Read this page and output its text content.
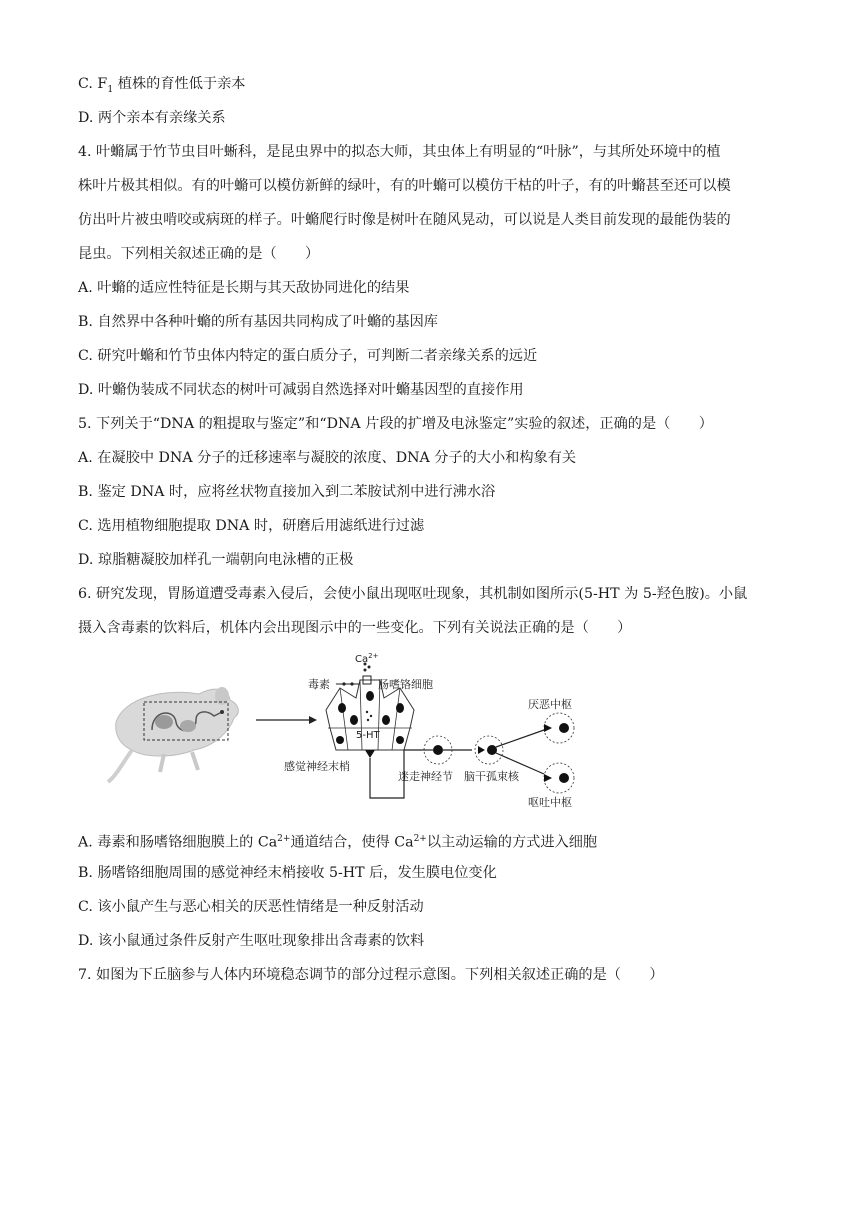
C. $F_1$ 植株的育性低于亲本
D. 两个亲本有亲缘关系
4. 叶䗛属于竹节虫目叶蜥科，是昆虫界中的拟态大师，其虫体上有明显的“叶脉”，与其所处环境中的植
株叶片极其相似。有的叶䗛可以模仿新鲜的绿叶，有的叶䗛可以模仿干枯的叶子，有的叶䗛甚至还可以模
仿出叶片被虫啃咬或病斑的样子。叶䗛爬行时像是树叶在随风晃动，可以说是人类目前发现的最能伪装的
昆虫。下列相关叙述正确的是（　　）
A. 叶䗛的适应性特征是长期与其天敌协同进化的结果
B. 自然界中各种叶䗛的所有基因共同构成了叶䗛的基因库
C. 研究叶䗛和竹节虫体内特定的蛋白质分子，可判断二者亲缘关系的远近
D. 叶䗛伪装成不同状态的树叶可减弱自然选择对叶䗛基因型的直接作用
5. 下列关于“DNA 的粗提取与鉴定”和“DNA 片段的扩增及电泳鉴定”实验的叙述，正确的是（　　）
A. 在凝胶中 DNA 分子的迁移速率与凝胶的浓度、DNA 分子的大小和构象有关
B. 鉴定 DNA 时，应将丝状物直接加入到二苯胺试剂中进行沸水浴
C. 选用植物细胞提取 DNA 时，研磨后用滤纸进行过滤
D. 琼脂糖凝胶加样孔一端朝向电泳槽的正极
6. 研究发现，胃肠道遭受毒素入侵后，会使小鼠出现呕吐现象，其机制如图所示(5-HT 为 5-羟色胺)。小鼠
摄入含毒素的饮料后，机体内会出现图示中的一些变化。下列有关说法正确的是（　　）
$Ca^{2+}$
毒素	肠嗜铬细胞
5-HT
感觉神经末梢
迷走神经节 脑干孤束核
厌恶中枢
呕吐中枢
A. 毒素和肠嗜铬细胞膜上的 $Ca^{2+}$通道结合，使得 $Ca^{2+}$以主动运输的方式进入细胞
B. 肠嗜铬细胞周围的感觉神经末梢接收 5-HT 后，发生膜电位变化
C. 该小鼠产生与恶心相关的厌恶性情绪是一种反射活动
D. 该小鼠通过条件反射产生呕吐现象排出含毒素的饮料
7. 如图为下丘脑参与人体内环境稳态调节的部分过程示意图。下列相关叙述正确的是（　　）
